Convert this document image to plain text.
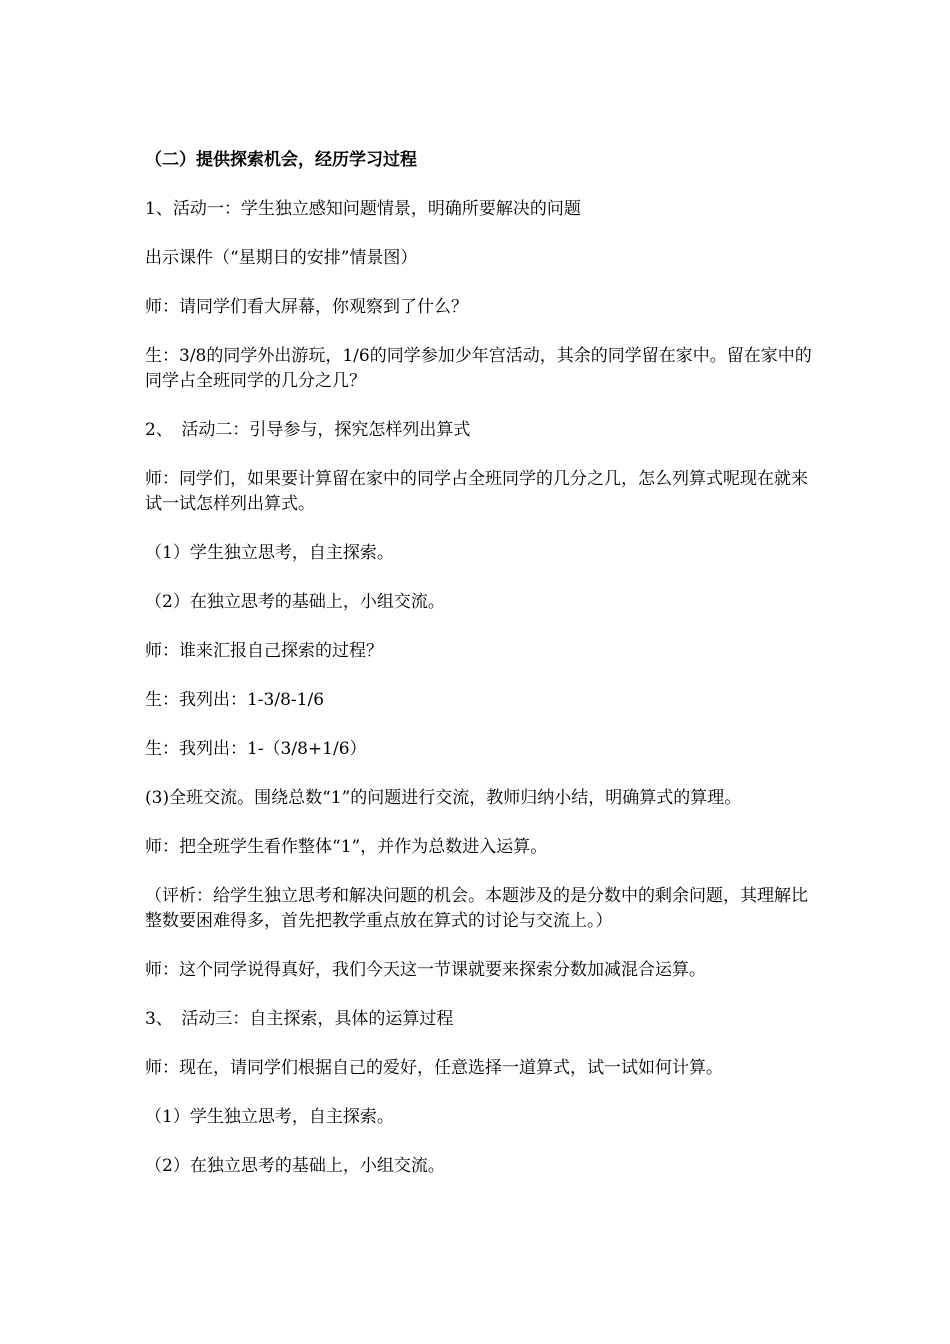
（二）提供探索机会，经历学习过程

1、活动一：学生独立感知问题情景，明确所要解决的问题

出示课件（“星期日的安排”情景图）

师：请同学们看大屏幕，你观察到了什么？

生：3/8的同学外出游玩，1/6的同学参加少年宫活动，其余的同学留在家中。留在家中的同学占全班同学的几分之几？

2、　活动二：引导参与，探究怎样列出算式

师：同学们，如果要计算留在家中的同学占全班同学的几分之几，怎么列算式呢现在就来试一试怎样列出算式。

（1）学生独立思考，自主探索。

（2）在独立思考的基础上，小组交流。

师：谁来汇报自己探索的过程？

生：我列出：1-3/8-1/6

生：我列出：1-（3/8+1/6）

(3)全班交流。围绕总数“1”的问题进行交流，教师归纳小结，明确算式的算理。

师：把全班学生看作整体“1”，并作为总数进入运算。

（评析：给学生独立思考和解决问题的机会。本题涉及的是分数中的剩余问题，其理解比整数要困难得多，首先把教学重点放在算式的讨论与交流上。）

师：这个同学说得真好，我们今天这一节课就要来探索分数加减混合运算。

3、　活动三：自主探索，具体的运算过程

师：现在，请同学们根据自己的爱好，任意选择一道算式，试一试如何计算。

（1）学生独立思考，自主探索。

（2）在独立思考的基础上，小组交流。
